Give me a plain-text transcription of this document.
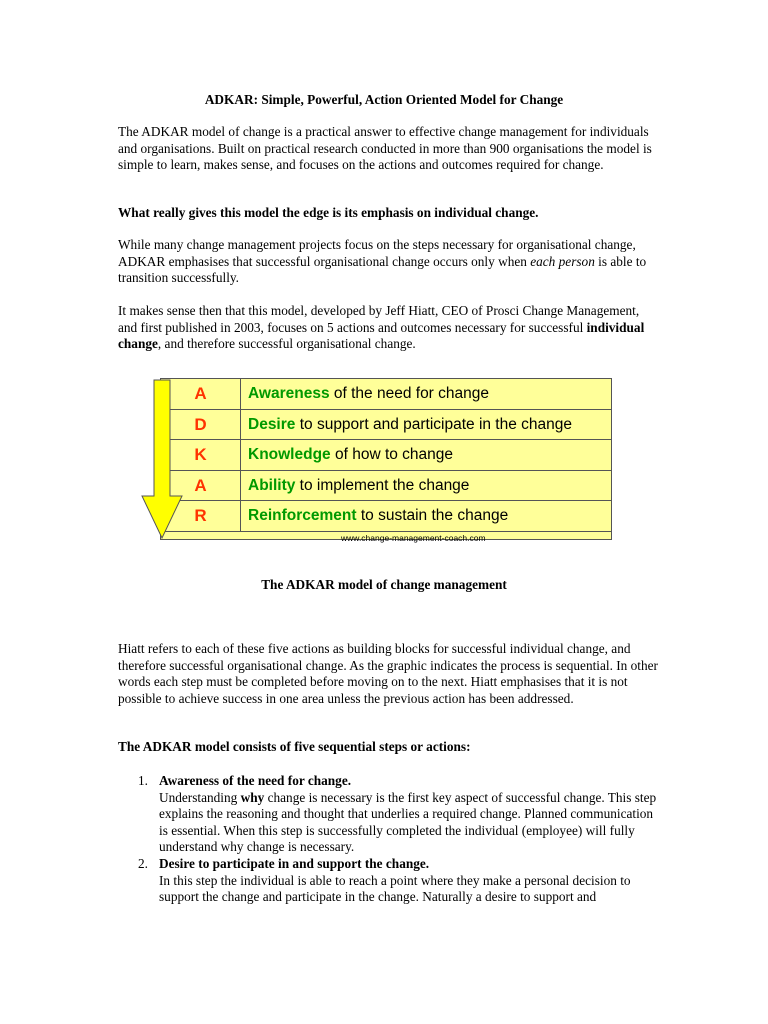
ADKAR: Simple, Powerful, Action Oriented Model for Change

The ADKAR model of change is a practical answer to effective change management for individuals and organisations. Built on practical research conducted in more than 900 organisations the model is simple to learn, makes sense, and focuses on the actions and outcomes required for change.

What really gives this model the edge is its emphasis on individual change.

While many change management projects focus on the steps necessary for organisational change, ADKAR emphasises that successful organisational change occurs only when each person is able to transition successfully.

It makes sense then that this model, developed by Jeff Hiatt, CEO of Prosci Change Management, and first published in 2003, focuses on 5 actions and outcomes necessary for successful individual change, and therefore successful organisational change.

A	Awareness of the need for change
D	Desire to support and participate in the change
K	Knowledge of how to change
A	Ability to implement the change
R	Reinforcement to sustain the change
www.change-management-coach.com
The ADKAR model of change management

Hiatt refers to each of these five actions as building blocks for successful individual change, and therefore successful organisational change. As the graphic indicates the process is sequential. In other words each step must be completed before moving on to the next. Hiatt emphasises that it is not possible to achieve success in one area unless the previous action has been addressed.

The ADKAR model consists of five sequential steps or actions:

1. Awareness of the need for change.
Understanding why change is necessary is the first key aspect of successful change. This step explains the reasoning and thought that underlies a required change. Planned communication is essential. When this step is successfully completed the individual (employee) will fully understand why change is necessary.
2. Desire to participate in and support the change.
In this step the individual is able to reach a point where they make a personal decision to support the change and participate in the change. Naturally a desire to support and
